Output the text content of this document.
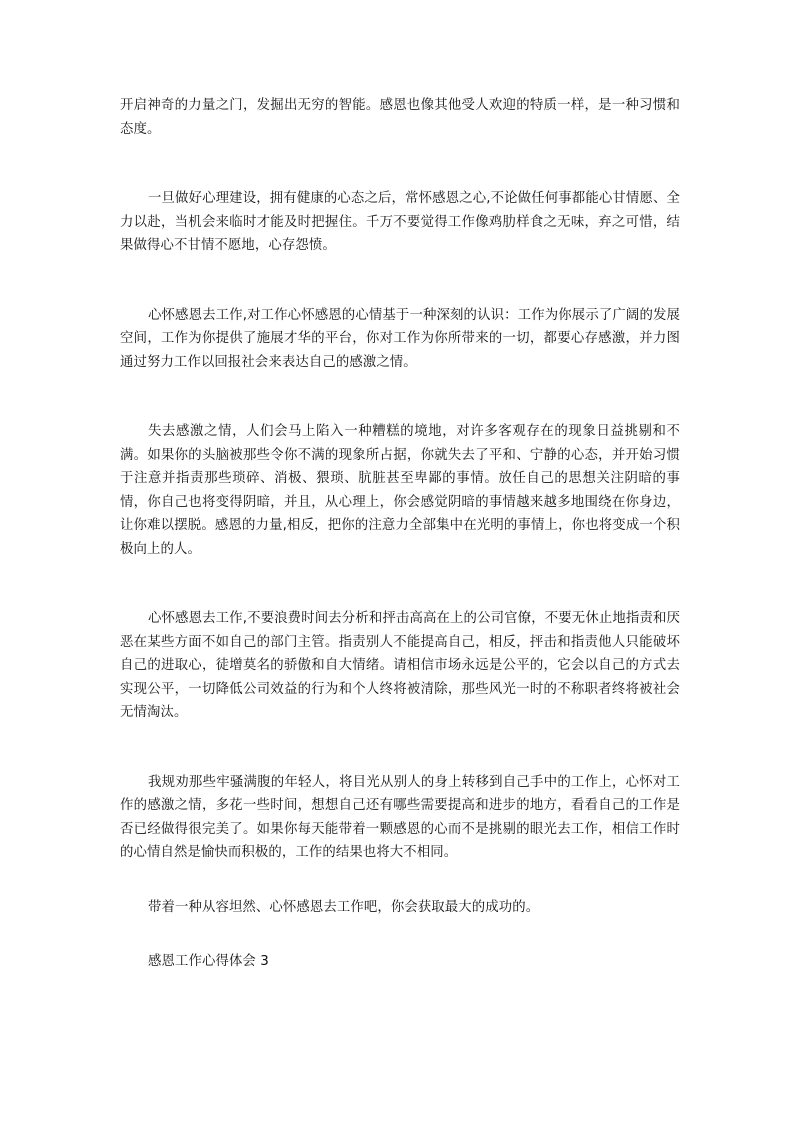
开启神奇的力量之门，发掘出无穷的智能。感恩也像其他受人欢迎的特质一样，是一种习惯和态度。

一旦做好心理建设，拥有健康的心态之后，常怀感恩之心,不论做任何事都能心甘情愿、全力以赴，当机会来临时才能及时把握住。千万不要觉得工作像鸡肋样食之无味，弃之可惜，结果做得心不甘情不愿地，心存怨愤。

心怀感恩去工作,对工作心怀感恩的心情基于一种深刻的认识：工作为你展示了广阔的发展空间，工作为你提供了施展才华的平台，你对工作为你所带来的一切，都要心存感激，并力图通过努力工作以回报社会来表达自己的感激之情。

失去感激之情，人们会马上陷入一种糟糕的境地，对许多客观存在的现象日益挑剔和不满。如果你的头脑被那些令你不满的现象所占据，你就失去了平和、宁静的心态，并开始习惯于注意并指责那些琐碎、消极、猥琐、肮脏甚至卑鄙的事情。放任自己的思想关注阴暗的事情，你自己也将变得阴暗，并且，从心理上，你会感觉阴暗的事情越来越多地围绕在你身边，让你难以摆脱。感恩的力量,相反，把你的注意力全部集中在光明的事情上，你也将变成一个积极向上的人。

心怀感恩去工作,不要浪费时间去分析和抨击高高在上的公司官僚，不要无休止地指责和厌恶在某些方面不如自己的部门主管。指责别人不能提高自己，相反，抨击和指责他人只能破坏自己的进取心，徒增莫名的骄傲和自大情绪。请相信市场永远是公平的，它会以自己的方式去实现公平，一切降低公司效益的行为和个人终将被清除，那些风光一时的不称职者终将被社会无情淘汰。

我规劝那些牢骚满腹的年轻人，将目光从别人的身上转移到自己手中的工作上，心怀对工作的感激之情，多花一些时间，想想自己还有哪些需要提高和进步的地方，看看自己的工作是否已经做得很完美了。如果你每天能带着一颗感恩的心而不是挑剔的眼光去工作，相信工作时的心情自然是愉快而积极的，工作的结果也将大不相同。

带着一种从容坦然、心怀感恩去工作吧，你会获取最大的成功的。

感恩工作心得体会 3
